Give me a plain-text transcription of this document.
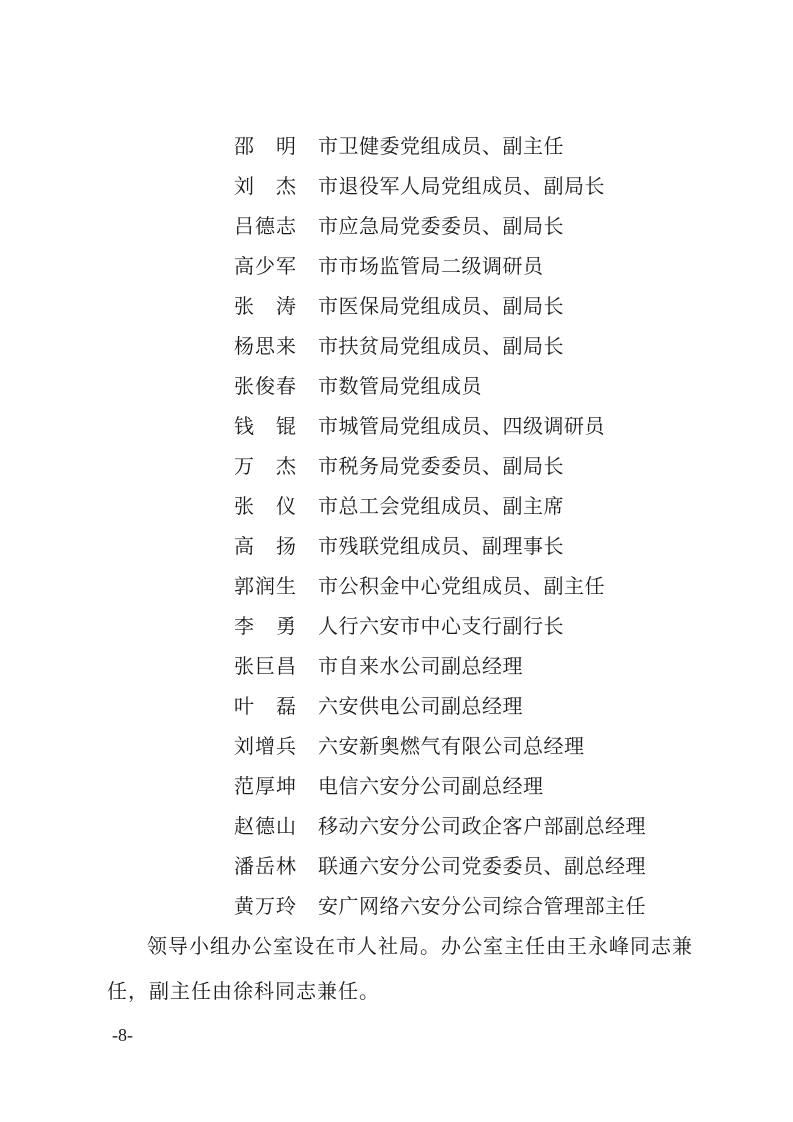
邵 明 市卫健委党组成员、副主任
刘 杰 市退役军人局党组成员、副局长
吕 德 志 市应急局党委委员、副局长
高 少 军 市市场监管局二级调研员
张 涛 市医保局党组成员、副局长
杨 思 来 市扶贫局党组成员、副局长
张 俊 春 市数管局党组成员
钱 锟 市城管局党组成员、四级调研员
万 杰 市税务局党委委员、副局长
张 仪 市总工会党组成员、副主席
高 扬 市残联党组成员、副理事长
郭 润 生 市公积金中心党组成员、副主任
李 勇 人行六安市中心支行副行长
张 巨 昌 市自来水公司副总经理
叶 磊 六安供电公司副总经理
刘 增 兵 六安新奥燃气有限公司总经理
范 厚 坤 电信六安分公司副总经理
赵 德 山 移动六安分公司政企客户部副总经理
潘 岳 林 联通六安分公司党委委员、副总经理
黄 万 玲 安广网络六安分公司综合管理部主任
领导小组办公室设在市人社局。办公室主任由王永峰同志兼任，副主任由徐科同志兼任。
-8-
